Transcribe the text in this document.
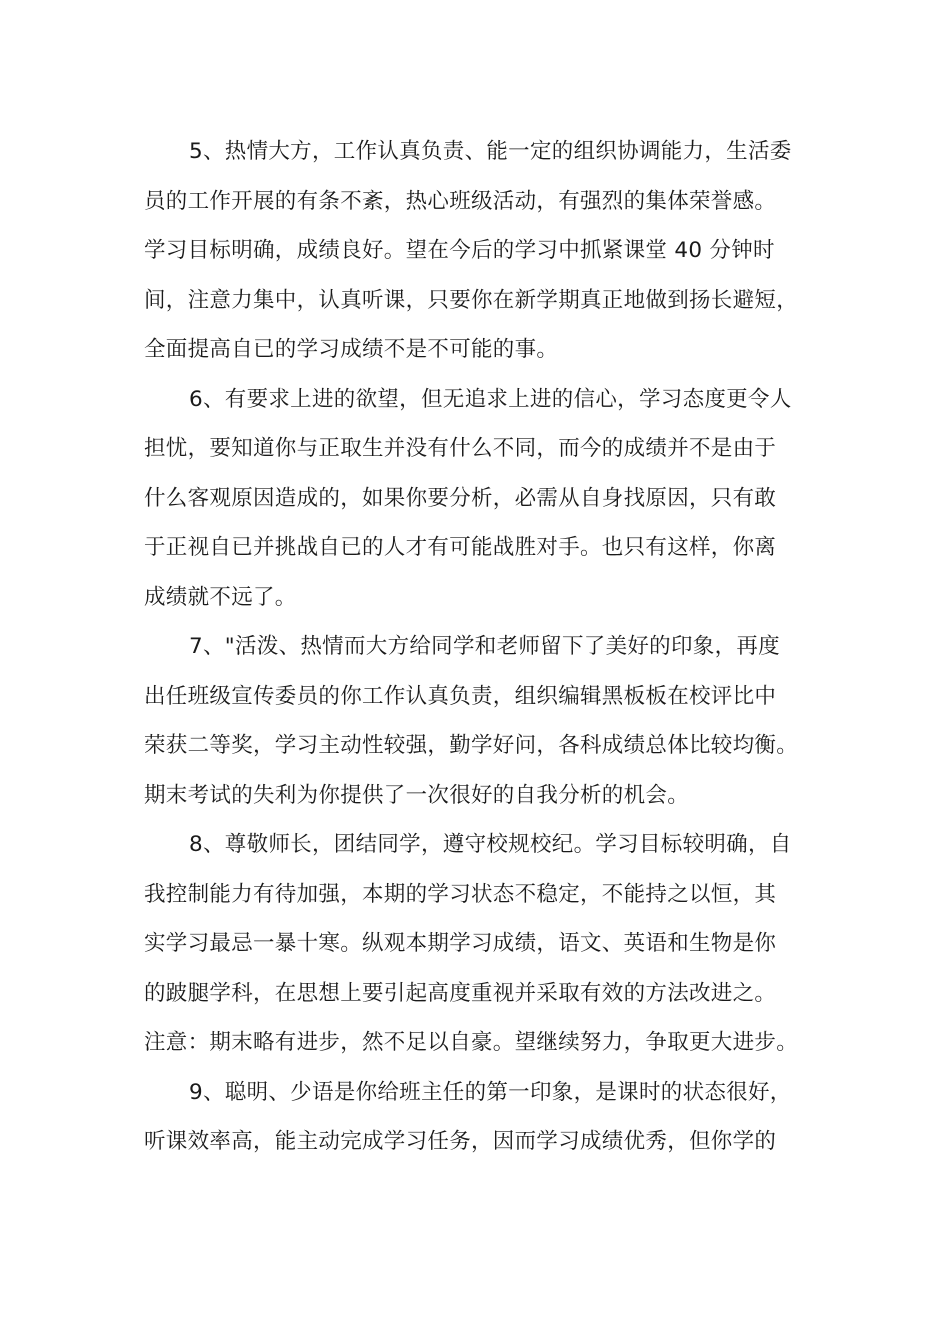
5、热情大方，工作认真负责、能一定的组织协调能力，生活委
员的工作开展的有条不紊，热心班级活动，有强烈的集体荣誉感。
学习目标明确，成绩良好。望在今后的学习中抓紧课堂 40 分钟时
间，注意力集中，认真听课，只要你在新学期真正地做到扬长避短，
全面提高自已的学习成绩不是不可能的事。
6、有要求上进的欲望，但无追求上进的信心，学习态度更令人
担忧，要知道你与正取生并没有什么不同，而今的成绩并不是由于
什么客观原因造成的，如果你要分析，必需从自身找原因，只有敢
于正视自已并挑战自已的人才有可能战胜对手。也只有这样，你离
成绩就不远了。
7、"活泼、热情而大方给同学和老师留下了美好的印象，再度
出任班级宣传委员的你工作认真负责，组织编辑黑板板在校评比中
荣获二等奖，学习主动性较强，勤学好问，各科成绩总体比较均衡。
期末考试的失利为你提供了一次很好的自我分析的机会。
8、尊敬师长，团结同学，遵守校规校纪。学习目标较明确，自
我控制能力有待加强，本期的学习状态不稳定，不能持之以恒，其
实学习最忌一暴十寒。纵观本期学习成绩，语文、英语和生物是你
的跛腿学科，在思想上要引起高度重视并采取有效的方法改进之。
注意：期末略有进步，然不足以自豪。望继续努力，争取更大进步。
9、聪明、少语是你给班主任的第一印象，是课时的状态很好，
听课效率高，能主动完成学习任务，因而学习成绩优秀，但你学的
